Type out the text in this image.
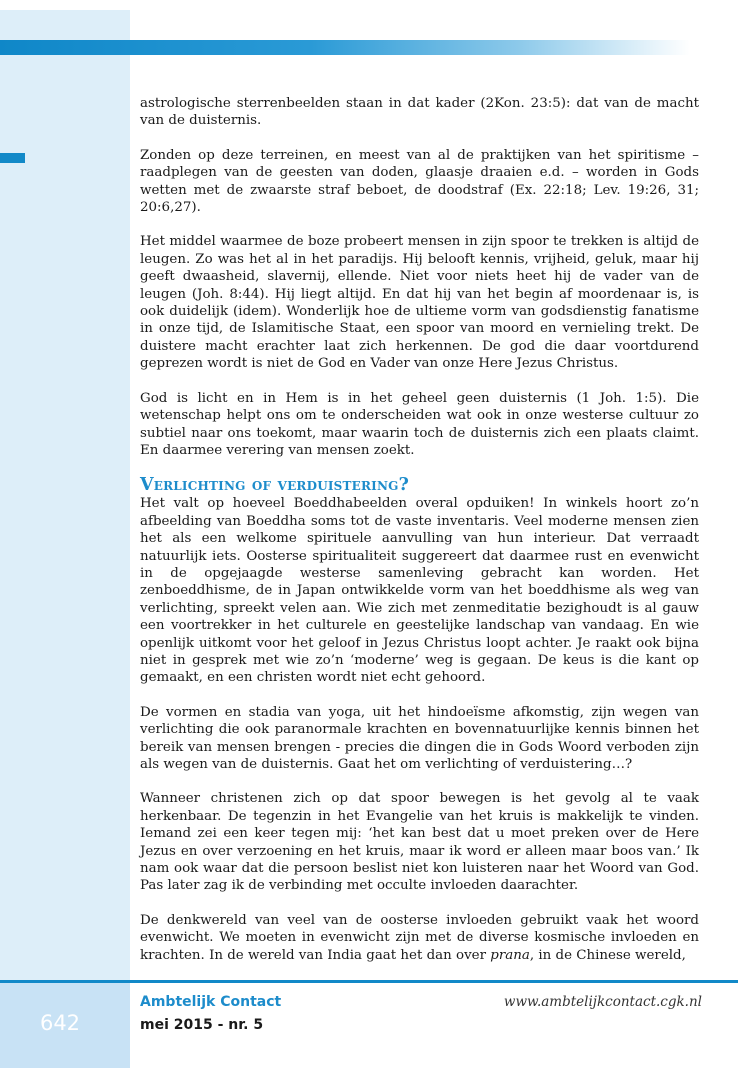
astrologische sterrenbeelden staan in dat kader (2Kon. 23:5): dat van de macht van de duisternis.

Zonden op deze terreinen, en meest van al de praktijken van het spiritisme – raadplegen van de geesten van doden, glaasje draaien e.d. – worden in Gods wetten met de zwaarste straf beboet, de doodstraf (Ex. 22:18; Lev. 19:26, 31; 20:6,27).

Het middel waarmee de boze probeert mensen in zijn spoor te trekken is altijd de leugen. Zo was het al in het paradijs. Hij belooft kennis, vrijheid, geluk, maar hij geeft dwaasheid, slavernij, ellende. Niet voor niets heet hij de vader van de leugen (Joh. 8:44). Hij liegt altijd. En dat hij van het begin af moordenaar is, is ook duidelijk (idem). Wonderlijk hoe de ultieme vorm van godsdienstig fanatisme in onze tijd, de Islamitische Staat, een spoor van moord en vernieling trekt. De duistere macht erachter laat zich herkennen. De god die daar voortdurend geprezen wordt is niet de God en Vader van onze Here Jezus Christus.

God is licht en in Hem is in het geheel geen duisternis (1 Joh. 1:5). Die wetenschap helpt ons om te onderscheiden wat ook in onze westerse cultuur zo subtiel naar ons toekomt, maar waarin toch de duisternis zich een plaats claimt. En daarmee verering van mensen zoekt.

Verlichting of verduistering?

Het valt op hoeveel Boeddhabeelden overal opduiken! In winkels hoort zo’n afbeelding van Boeddha soms tot de vaste inventaris. Veel moderne mensen zien het als een welkome spirituele aanvulling van hun interieur. Dat verraadt natuurlijk iets. Oosterse spiritualiteit suggereert dat daarmee rust en evenwicht in de opgejaagde westerse samenleving gebracht kan worden. Het zenboeddhisme, de in Japan ontwikkelde vorm van het boeddhisme als weg van verlichting, spreekt velen aan. Wie zich met zenmeditatie bezighoudt is al gauw een voortrekker in het culturele en geestelijke landschap van vandaag. En wie openlijk uitkomt voor het geloof in Jezus Christus loopt achter. Je raakt ook bijna niet in gesprek met wie zo’n ‘moderne’ weg is gegaan. De keus is die kant op gemaakt, en een christen wordt niet echt gehoord.

De vormen en stadia van yoga, uit het hindoeïsme afkomstig, zijn wegen van verlichting die ook paranormale krachten en bovennatuurlijke kennis binnen het bereik van mensen brengen - precies die dingen die in Gods Woord verboden zijn als wegen van de duisternis. Gaat het om verlichting of verduistering…?

Wanneer christenen zich op dat spoor bewegen is het gevolg al te vaak herkenbaar. De tegenzin in het Evangelie van het kruis is makkelijk te vinden. Iemand zei een keer tegen mij: ‘het kan best dat u moet preken over de Here Jezus en over verzoening en het kruis, maar ik word er alleen maar boos van.’ Ik nam ook waar dat die persoon beslist niet kon luisteren naar het Woord van God. Pas later zag ik de verbinding met occulte invloeden daarachter.

De denkwereld van veel van de oosterse invloeden gebruikt vaak het woord evenwicht. We moeten in evenwicht zijn met de diverse kosmische invloeden en krachten. In de wereld van India gaat het dan over prana, in de Chinese wereld,

642
Ambtelijk Contact
mei 2015 - nr. 5
www.ambtelijkcontact.cgk.nl
